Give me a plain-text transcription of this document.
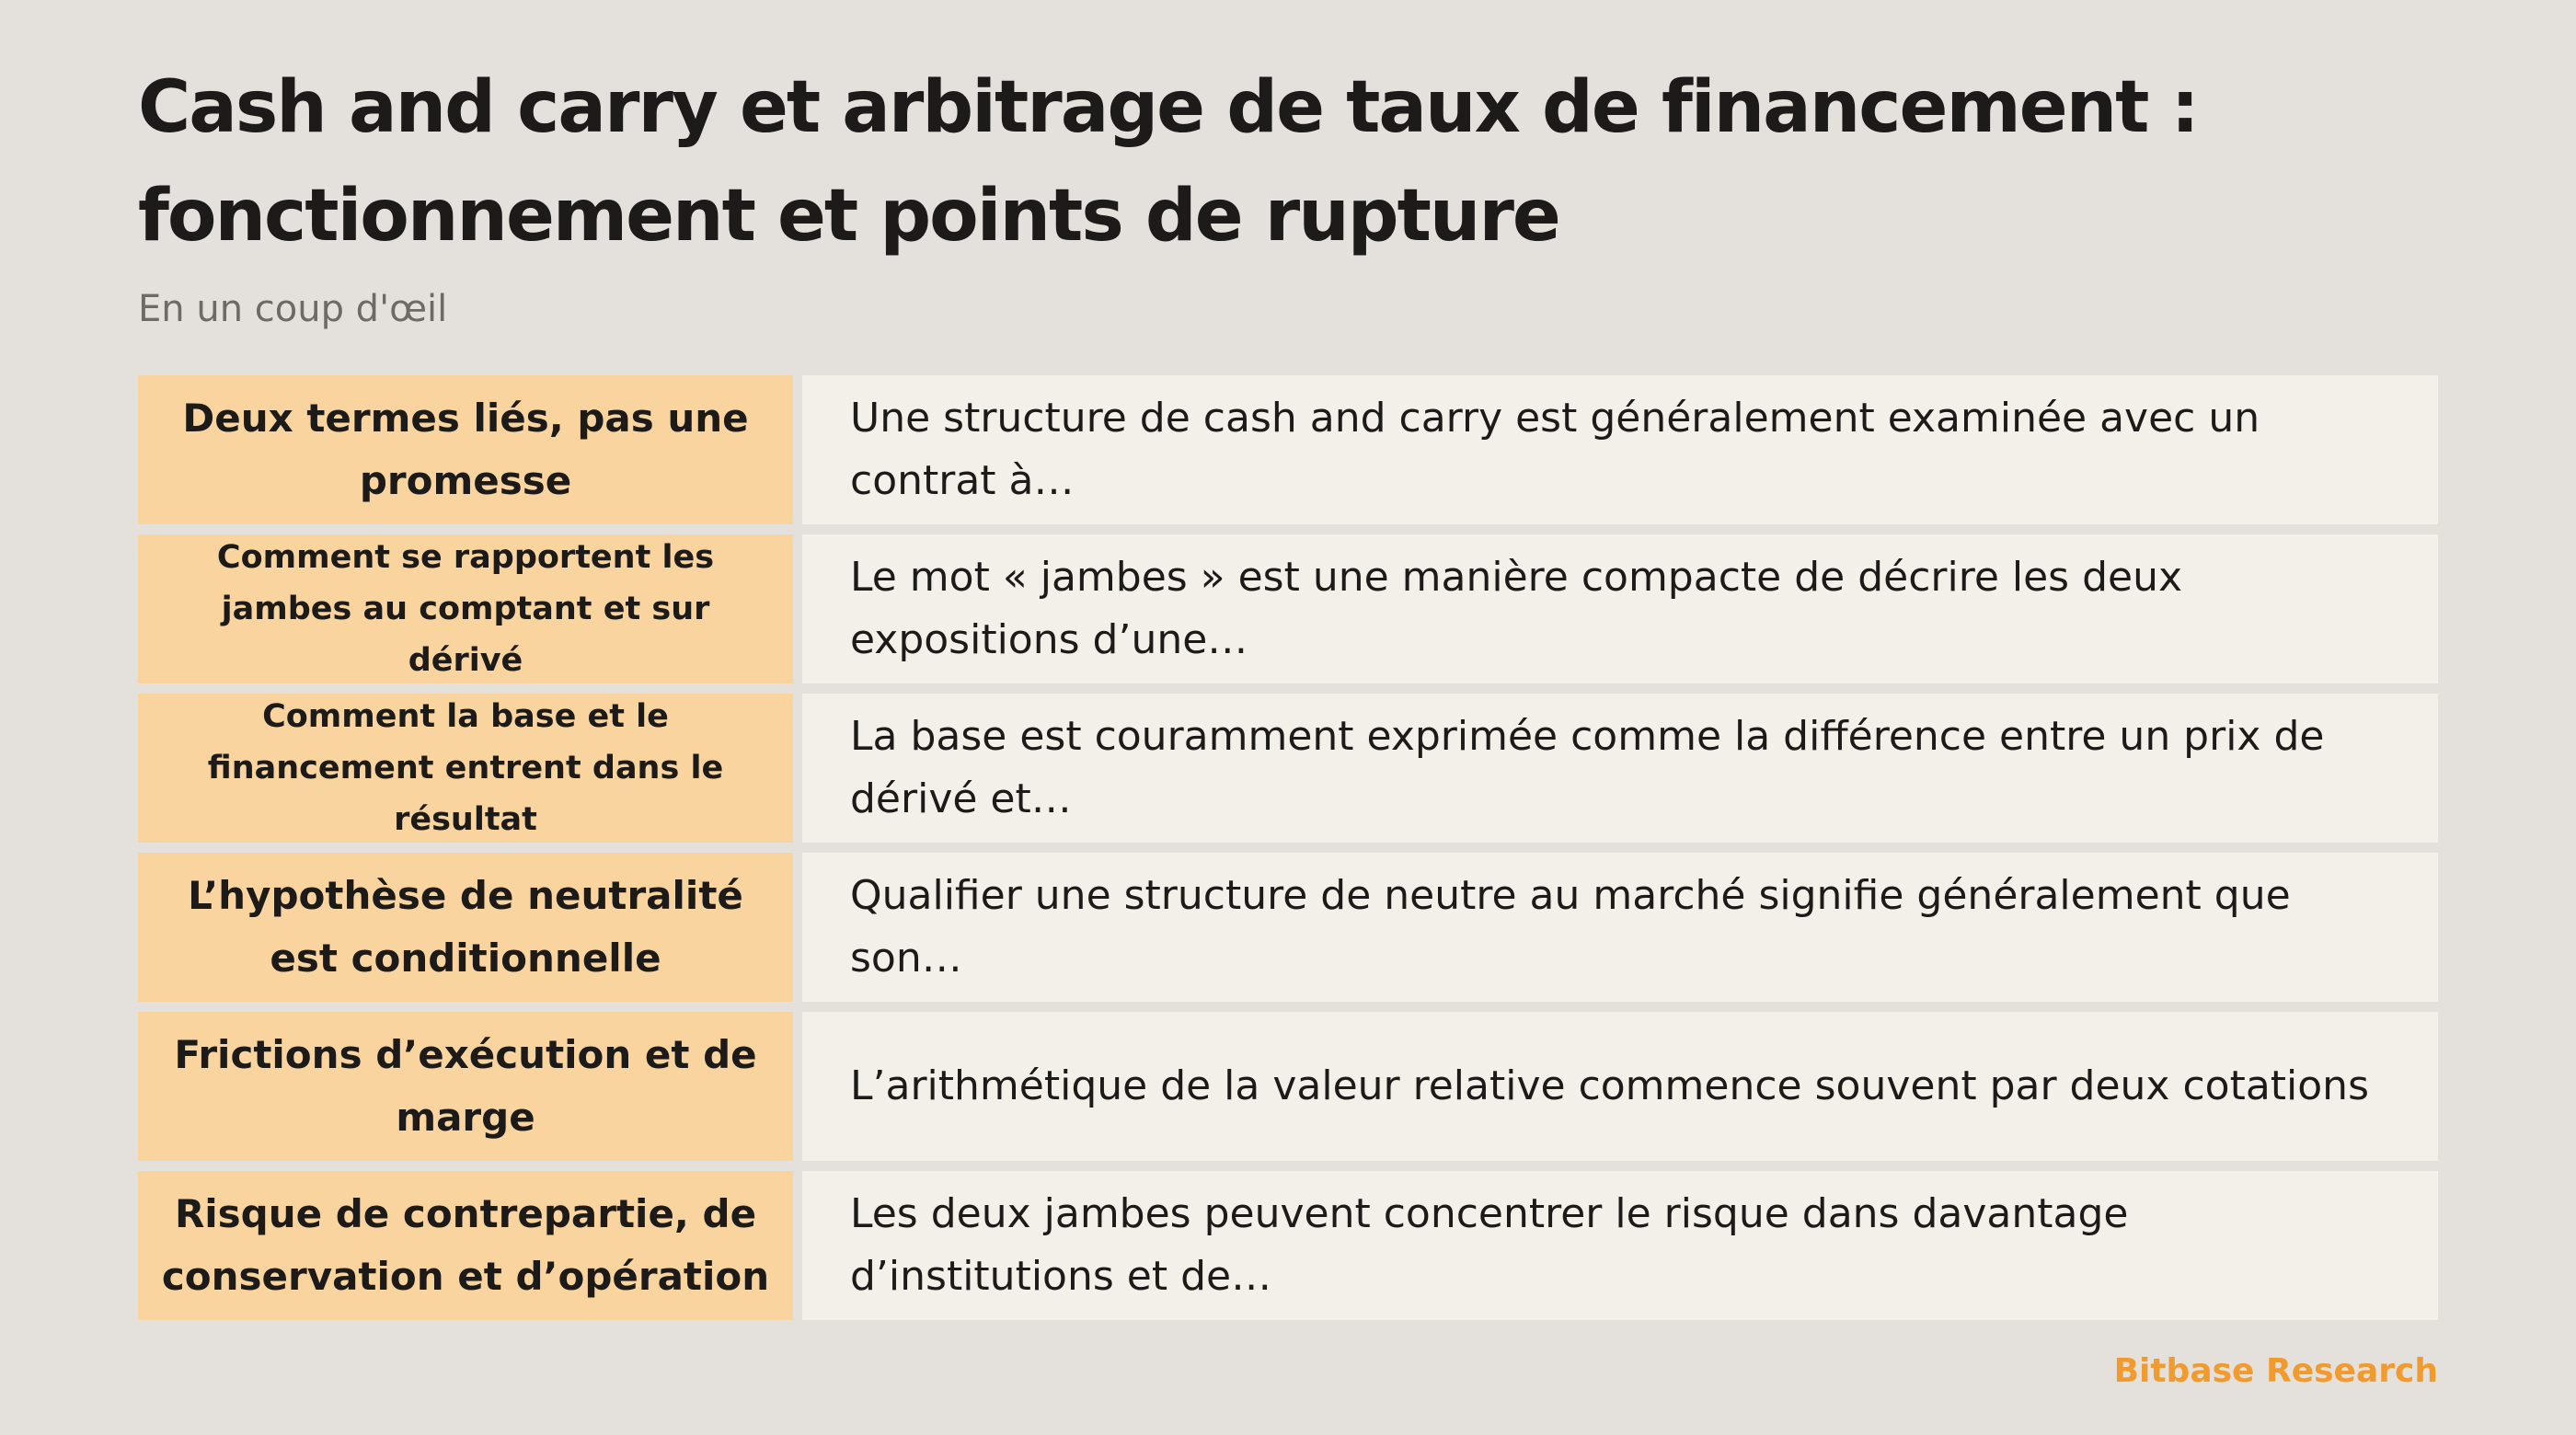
Cash and carry et arbitrage de taux de financement : fonctionnement et points de rupture

En un coup d'œil

Deux termes liés, pas une promesse
Une structure de cash and carry est généralement examinée avec un contrat à…
Comment se rapportent les jambes au comptant et sur dérivé
Le mot « jambes » est une manière compacte de décrire les deux expositions d’une…
Comment la base et le financement entrent dans le résultat
La base est couramment exprimée comme la différence entre un prix de dérivé et…
L’hypothèse de neutralité est conditionnelle
Qualifier une structure de neutre au marché signifie généralement que son…
Frictions d’exécution et de marge
L’arithmétique de la valeur relative commence souvent par deux cotations
Risque de contrepartie, de conservation et d’opération
Les deux jambes peuvent concentrer le risque dans davantage d’institutions et de…
Bitbase Research
